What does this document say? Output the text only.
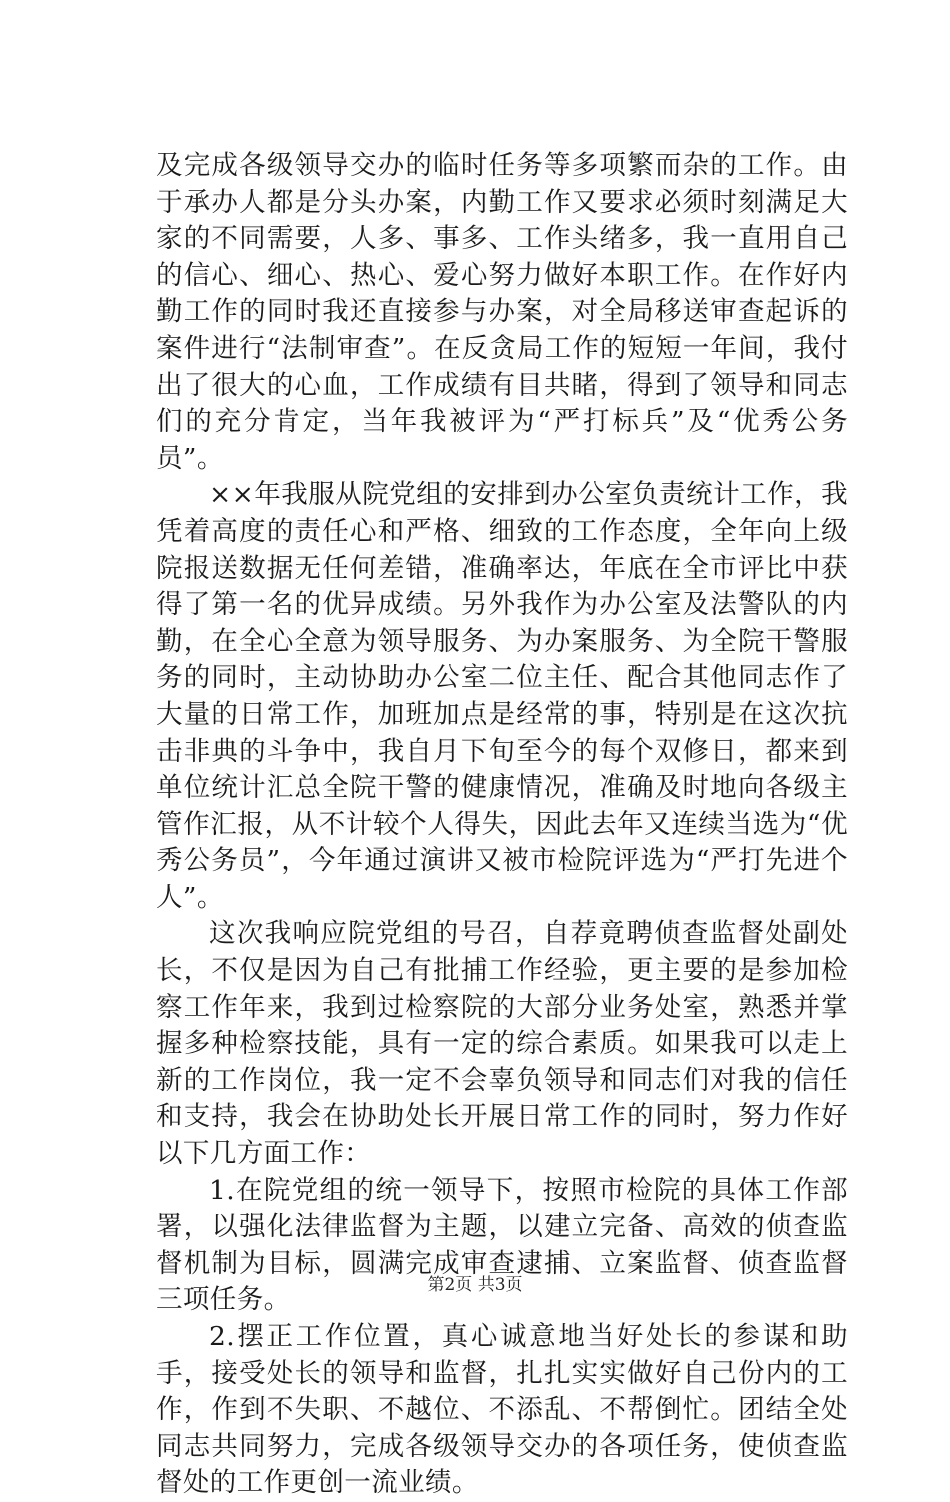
及完成各级领导交办的临时任务等多项繁而杂的工作。由于承办人都是分头办案，内勤工作又要求必须时刻满足大家的不同需要，人多、事多、工作头绪多，我一直用自己的信心、细心、热心、爱心努力做好本职工作。在作好内勤工作的同时我还直接参与办案，对全局移送审查起诉的案件进行“法制审查”。在反贪局工作的短短一年间，我付出了很大的心血，工作成绩有目共睹，得到了领导和同志们的充分肯定，当年我被评为“严打标兵”及“优秀公务员”。

××年我服从院党组的安排到办公室负责统计工作，我凭着高度的责任心和严格、细致的工作态度，全年向上级院报送数据无任何差错，准确率达，年底在全市评比中获得了第一名的优异成绩。另外我作为办公室及法警队的内勤，在全心全意为领导服务、为办案服务、为全院干警服务的同时，主动协助办公室二位主任、配合其他同志作了大量的日常工作，加班加点是经常的事，特别是在这次抗击非典的斗争中，我自月下旬至今的每个双修日，都来到单位统计汇总全院干警的健康情况，准确及时地向各级主管作汇报，从不计较个人得失，因此去年又连续当选为“优秀公务员”，今年通过演讲又被市检院评选为“严打先进个人”。

这次我响应院党组的号召，自荐竟聘侦查监督处副处长，不仅是因为自己有批捕工作经验，更主要的是参加检察工作年来，我到过检察院的大部分业务处室，熟悉并掌握多种检察技能，具有一定的综合素质。如果我可以走上新的工作岗位，我一定不会辜负领导和同志们对我的信任和支持，我会在协助处长开展日常工作的同时，努力作好以下几方面工作：

1.在院党组的统一领导下，按照市检院的具体工作部署，以强化法律监督为主题，以建立完备、高效的侦查监督机制为目标，圆满完成审查逮捕、立案监督、侦查监督三项任务。

2.摆正工作位置，真心诚意地当好处长的参谋和助手，接受处长的领导和监督，扎扎实实做好自己份内的工作，作到不失职、不越位、不添乱、不帮倒忙。团结全处同志共同努力，完成各级领导交办的各项任务，使侦查监督处的工作更创一流业绩。

第2页 共3页
